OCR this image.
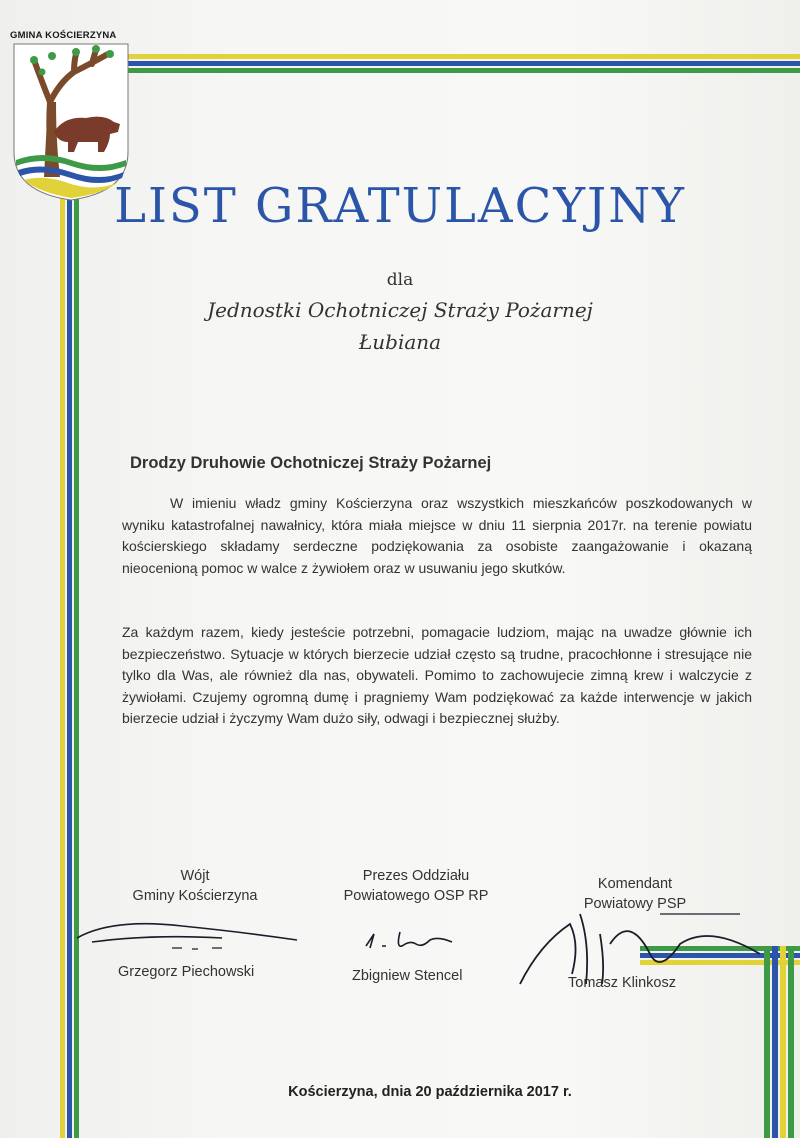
GMINA KOŚCIERZYNA
LIST GRATULACYJNY
dla
Jednostki Ochotniczej Straży Pożarnej
Łubiana
Drodzy Druhowie Ochotniczej Straży Pożarnej

W imieniu władz gminy Kościerzyna oraz wszystkich mieszkańców poszkodowanych w wyniku katastrofalnej nawałnicy, która miała miejsce w dniu 11 sierpnia 2017r. na terenie powiatu kościerskiego składamy serdeczne podziękowania za osobiste zaangażowanie i okazaną nieocenioną pomoc w walce z żywiołem oraz w usuwaniu jego skutków.

Za każdym razem, kiedy jesteście potrzebni, pomagacie ludziom, mając na uwadze głównie ich bezpieczeństwo. Sytuacje w których bierzecie udział często są trudne, pracochłonne i stresujące nie tylko dla Was, ale również dla nas, obywateli. Pomimo to zachowujecie zimną krew i walczycie z żywiołami. Czujemy ogromną dumę i pragniemy Wam podziękować za każde interwencje w jakich bierzecie udział i życzymy Wam dużo siły, odwagi i bezpiecznej służby.

Wójt
Gminy Kościerzyna
Prezes Oddziału
Powiatowego OSP RP
Komendant
Powiatowy PSP
Grzegorz Piechowski	Zbigniew Stencel	Tomasz Klinkosz
Kościerzyna, dnia 20 października 2017 r.
